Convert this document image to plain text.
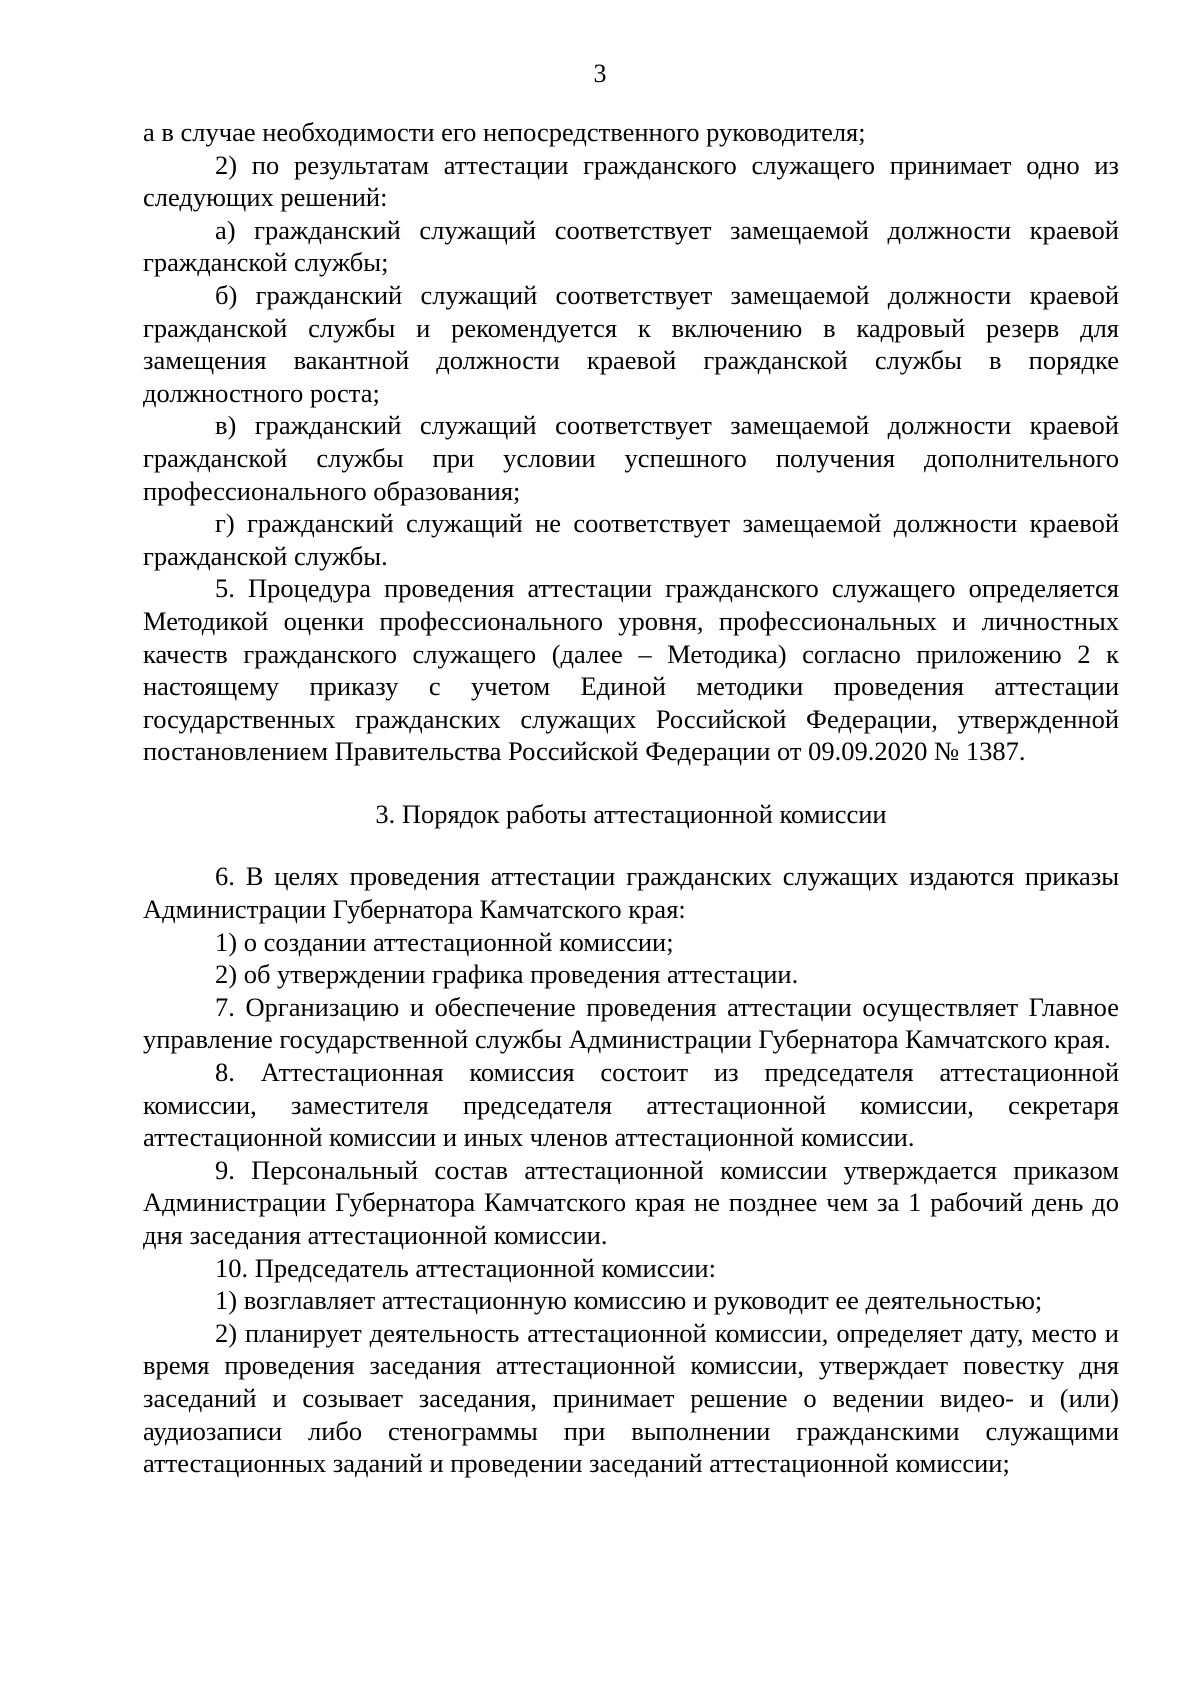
3

а в случае необходимости его непосредственного руководителя;

2) по результатам аттестации гражданского служащего принимает одно из следующих решений:

а) гражданский служащий соответствует замещаемой должности краевой гражданской службы;

б) гражданский служащий соответствует замещаемой должности краевой гражданской службы и рекомендуется к включению в кадровый резерв для замещения вакантной должности краевой гражданской службы в порядке должностного роста;

в) гражданский служащий соответствует замещаемой должности краевой гражданской службы при условии успешного получения дополнительного профессионального образования;

г) гражданский служащий не соответствует замещаемой должности краевой гражданской службы.

5. Процедура проведения аттестации гражданского служащего определяется Методикой оценки профессионального уровня, профессиональных и личностных качеств гражданского служащего (далее – Методика) согласно приложению 2 к настоящему приказу с учетом Единой методики проведения аттестации государственных гражданских служащих Российской Федерации, утвержденной постановлением Правительства Российской Федерации от 09.09.2020 № 1387.

3. Порядок работы аттестационной комиссии

6. В целях проведения аттестации гражданских служащих издаются приказы Администрации Губернатора Камчатского края:

1) о создании аттестационной комиссии;

2) об утверждении графика проведения аттестации.

7. Организацию и обеспечение проведения аттестации осуществляет Главное управление государственной службы Администрации Губернатора Камчатского края.

8. Аттестационная комиссия состоит из председателя аттестационной комиссии, заместителя председателя аттестационной комиссии, секретаря аттестационной комиссии и иных членов аттестационной комиссии.

9. Персональный состав аттестационной комиссии утверждается приказом Администрации Губернатора Камчатского края не позднее чем за 1 рабочий день до дня заседания аттестационной комиссии.

10. Председатель аттестационной комиссии:

1) возглавляет аттестационную комиссию и руководит ее деятельностью;

2) планирует деятельность аттестационной комиссии, определяет дату, место и время проведения заседания аттестационной комиссии, утверждает повестку дня заседаний и созывает заседания, принимает решение о ведении видео- и (или) аудиозаписи либо стенограммы при выполнении гражданскими служащими аттестационных заданий и проведении заседаний аттестационной комиссии;
